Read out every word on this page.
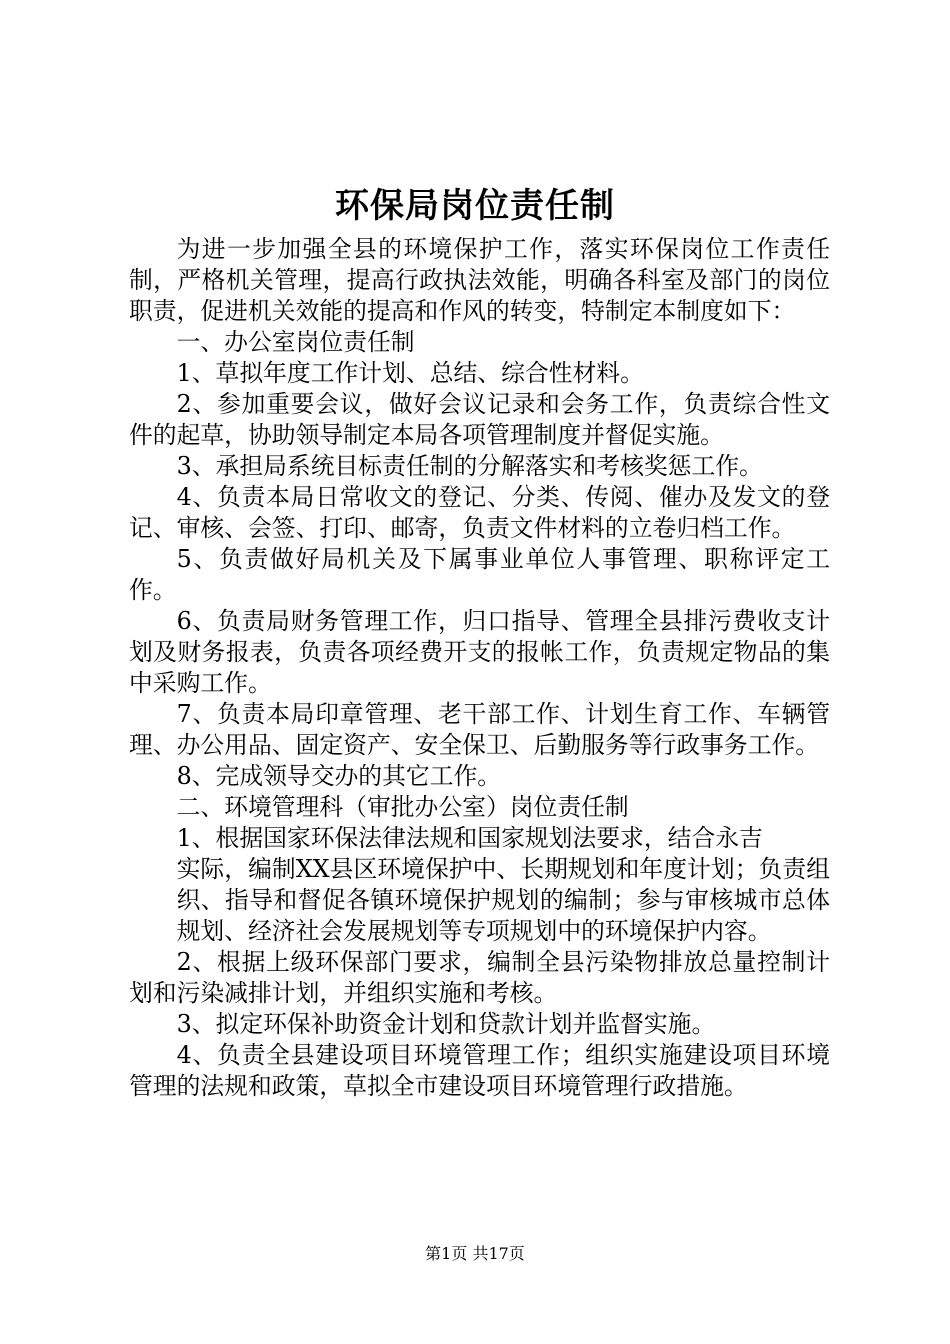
环保局岗位责任制

为进一步加强全县的环境保护工作，落实环保岗位工作责任制，严格机关管理，提高行政执法效能，明确各科室及部门的岗位职责，促进机关效能的提高和作风的转变，特制定本制度如下：

一、办公室岗位责任制

1、草拟年度工作计划、总结、综合性材料。

2、参加重要会议，做好会议记录和会务工作，负责综合性文件的起草，协助领导制定本局各项管理制度并督促实施。

3、承担局系统目标责任制的分解落实和考核奖惩工作。

4、负责本局日常收文的登记、分类、传阅、催办及发文的登记、审核、会签、打印、邮寄，负责文件材料的立卷归档工作。

5、负责做好局机关及下属事业单位人事管理、职称评定工作。

6、负责局财务管理工作，归口指导、管理全县排污费收支计划及财务报表，负责各项经费开支的报帐工作，负责规定物品的集中采购工作。

7、负责本局印章管理、老干部工作、计划生育工作、车辆管理、办公用品、固定资产、安全保卫、后勤服务等行政事务工作。

8、完成领导交办的其它工作。

二、环境管理科（审批办公室）岗位责任制

1、根据国家环保法律法规和国家规划法要求，结合永吉

实际，编制XX县区环境保护中、长期规划和年度计划；负责组织、指导和督促各镇环境保护规划的编制；参与审核城市总体规划、经济社会发展规划等专项规划中的环境保护内容。

2、根据上级环保部门要求，编制全县污染物排放总量控制计划和污染减排计划，并组织实施和考核。

3、拟定环保补助资金计划和贷款计划并监督实施。

4、负责全县建设项目环境管理工作；组织实施建设项目环境管理的法规和政策，草拟全市建设项目环境管理行政措施。

第1页 共17页
